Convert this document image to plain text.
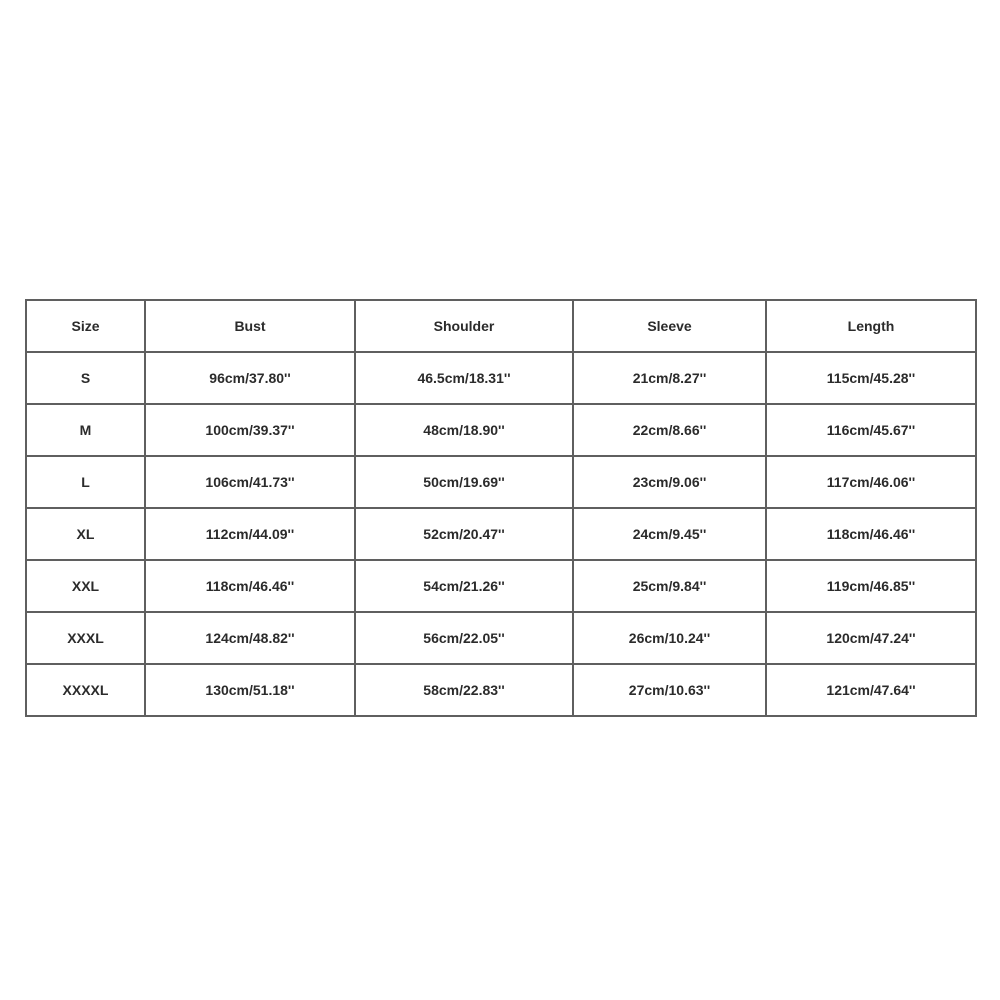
Size	Bust	Shoulder	Sleeve	Length
S	96cm/37.80''	46.5cm/18.31''	21cm/8.27''	115cm/45.28''
M	100cm/39.37''	48cm/18.90''	22cm/8.66''	116cm/45.67''
L	106cm/41.73''	50cm/19.69''	23cm/9.06''	117cm/46.06''
XL	112cm/44.09''	52cm/20.47''	24cm/9.45''	118cm/46.46''
XXL	118cm/46.46''	54cm/21.26''	25cm/9.84''	119cm/46.85''
XXXL	124cm/48.82''	56cm/22.05''	26cm/10.24''	120cm/47.24''
XXXXL	130cm/51.18''	58cm/22.83''	27cm/10.63''	121cm/47.64''
